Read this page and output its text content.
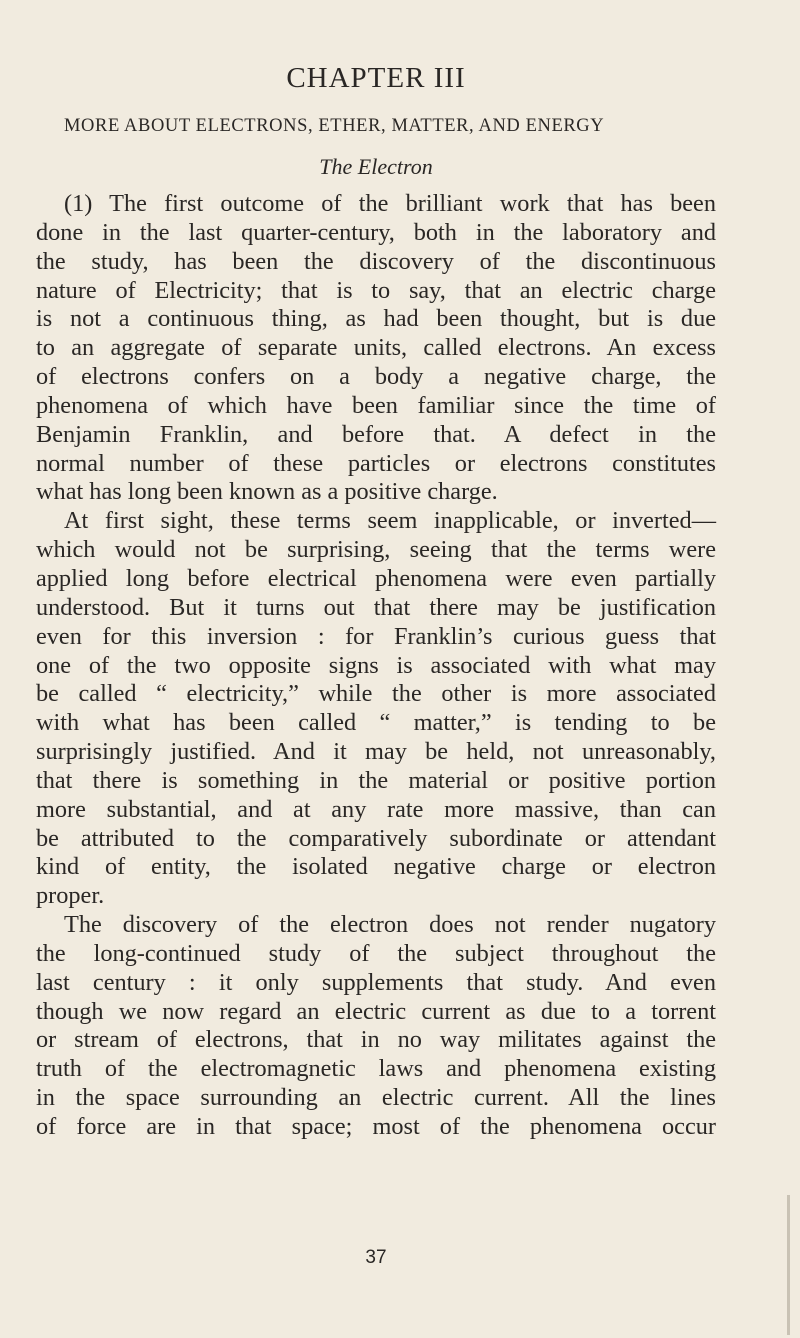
CHAPTER III
MORE ABOUT ELECTRONS, ETHER, MATTER, AND ENERGY
The Electron
(1) The first outcome of the brilliant work that has been
done in the last quarter-century, both in the laboratory and
the study, has been the discovery of the discontinuous
nature of Electricity; that is to say, that an electric charge
is not a continuous thing, as had been thought, but is due
to an aggregate of separate units, called electrons. An excess
of electrons confers on a body a negative charge, the
phenomena of which have been familiar since the time of
Benjamin Franklin, and before that. A defect in the
normal number of these particles or electrons constitutes
what has long been known as a positive charge.
At first sight, these terms seem inapplicable, or inverted—
which would not be surprising, seeing that the terms were
applied long before electrical phenomena were even partially
understood. But it turns out that there may be justification
even for this inversion : for Franklin’s curious guess that
one of the two opposite signs is associated with what may
be called “ electricity,” while the other is more associated
with what has been called “ matter,” is tending to be
surprisingly justified. And it may be held, not unreasonably,
that there is something in the material or positive portion
more substantial, and at any rate more massive, than can
be attributed to the comparatively subordinate or attendant
kind of entity, the isolated negative charge or electron
proper.
The discovery of the electron does not render nugatory
the long-continued study of the subject throughout the
last century : it only supplements that study. And even
though we now regard an electric current as due to a torrent
or stream of electrons, that in no way militates against the
truth of the electromagnetic laws and phenomena existing
in the space surrounding an electric current. All the lines
of force are in that space; most of the phenomena occur
37
